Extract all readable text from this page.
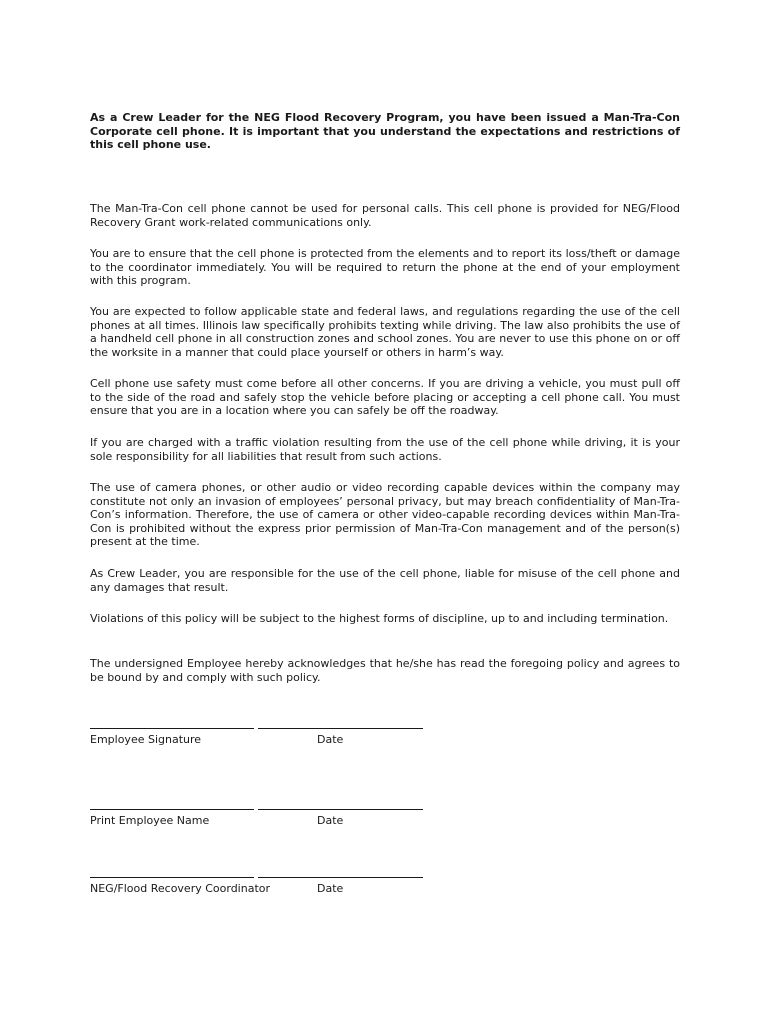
As a Crew Leader for the NEG Flood Recovery Program, you have been issued a Man-Tra-Con Corporate cell phone. It is important that you understand the expectations and restrictions of this cell phone use.

The Man-Tra-Con cell phone cannot be used for personal calls. This cell phone is provided for NEG/Flood Recovery Grant work-related communications only.

You are to ensure that the cell phone is protected from the elements and to report its loss/theft or damage to the coordinator immediately. You will be required to return the phone at the end of your employment with this program.

You are expected to follow applicable state and federal laws, and regulations regarding the use of the cell phones at all times. Illinois law specifically prohibits texting while driving. The law also prohibits the use of a handheld cell phone in all construction zones and school zones. You are never to use this phone on or off the worksite in a manner that could place yourself or others in harm’s way.

Cell phone use safety must come before all other concerns. If you are driving a vehicle, you must pull off to the side of the road and safely stop the vehicle before placing or accepting a cell phone call. You must ensure that you are in a location where you can safely be off the roadway.

If you are charged with a traffic violation resulting from the use of the cell phone while driving, it is your sole responsibility for all liabilities that result from such actions.

The use of camera phones, or other audio or video recording capable devices within the company may constitute not only an invasion of employees’ personal privacy, but may breach confidentiality of Man-Tra-Con’s information. Therefore, the use of camera or other video-capable recording devices within Man-Tra-Con is prohibited without the express prior permission of Man-Tra-Con management and of the person(s) present at the time.

As Crew Leader, you are responsible for the use of the cell phone, liable for misuse of the cell phone and any damages that result.

Violations of this policy will be subject to the highest forms of discipline, up to and including termination.

The undersigned Employee hereby acknowledges that he/she has read the foregoing policy and agrees to be bound by and comply with such policy.

Employee Signature	Date
Print Employee Name	Date
NEG/Flood Recovery Coordinator	Date
